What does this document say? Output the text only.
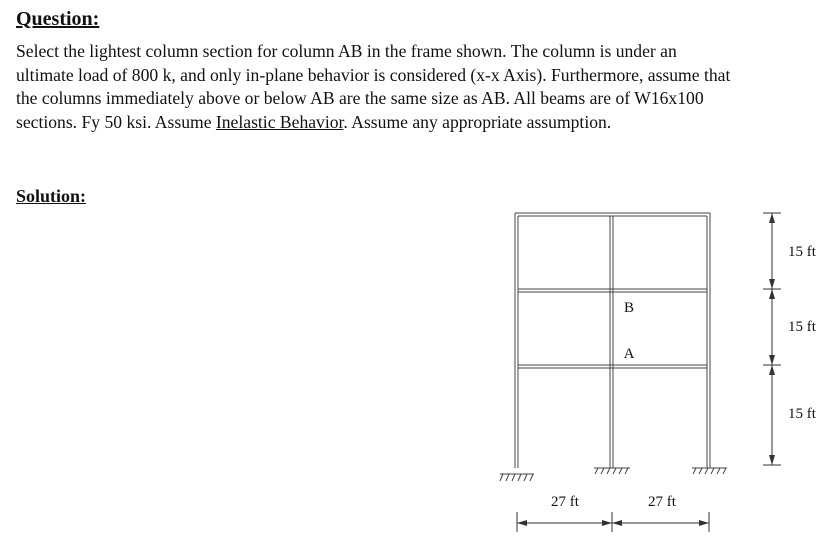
Question:
Select the lightest column section for column AB in the frame shown. The column is under an ultimate load of 800 k, and only in-plane behavior is considered (x-x Axis). Furthermore, assume that the columns immediately above or below AB are the same size as AB. All beams are of W16x100 sections. Fy 50 ksi. Assume Inelastic Behavior. Assume any appropriate assumption.
Solution:
B
A
27 ft	27 ft
15 ft
15 ft
15 ft
